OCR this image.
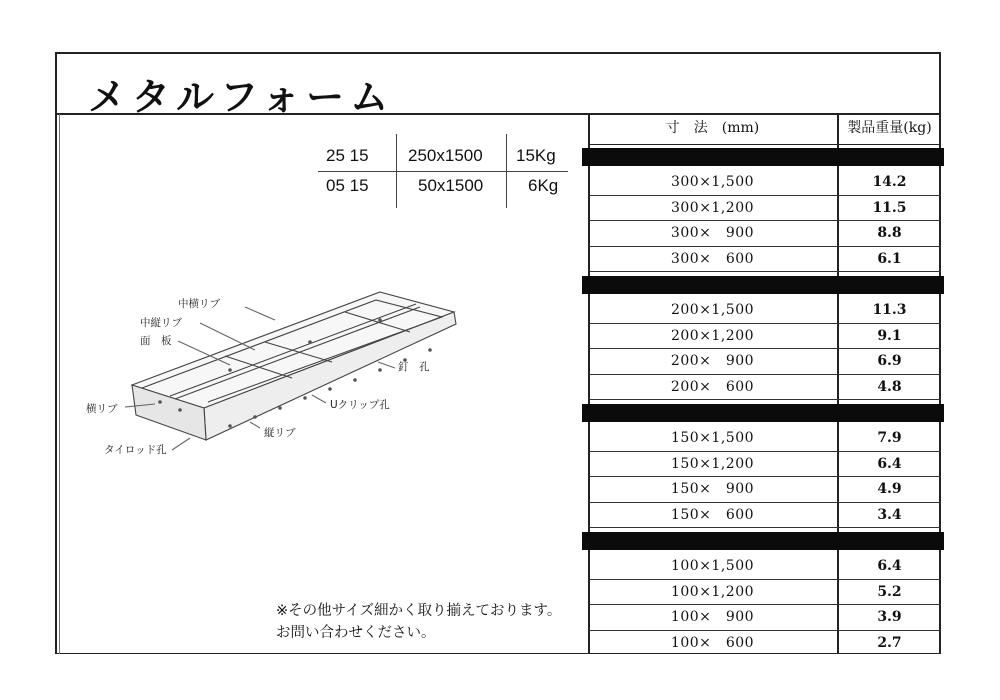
メタルフォーム
25 15 250x1500 15Kg
05 15	50x1500	6Kg
中横リブ
中縦リブ
面　板
釘　孔
Uクリップ孔
横リブ
縦リブ
タイロッド孔
寸　法　(mm)	製品重量(kg)
300×1,500	14.2
300×1,200	11.5
300×　900	8.8
300×　600	6.1
200×1,500	11.3
200×1,200	9.1
200×　900	6.9
200×　600	4.8
150×1,500	7.9
150×1,200	6.4
150×　900	4.9
150×　600	3.4
100×1,500	6.4
100×1,200	5.2
100×　900	3.9
100×　600	2.7
※その他サイズ細かく取り揃えております。
お問い合わせください。
